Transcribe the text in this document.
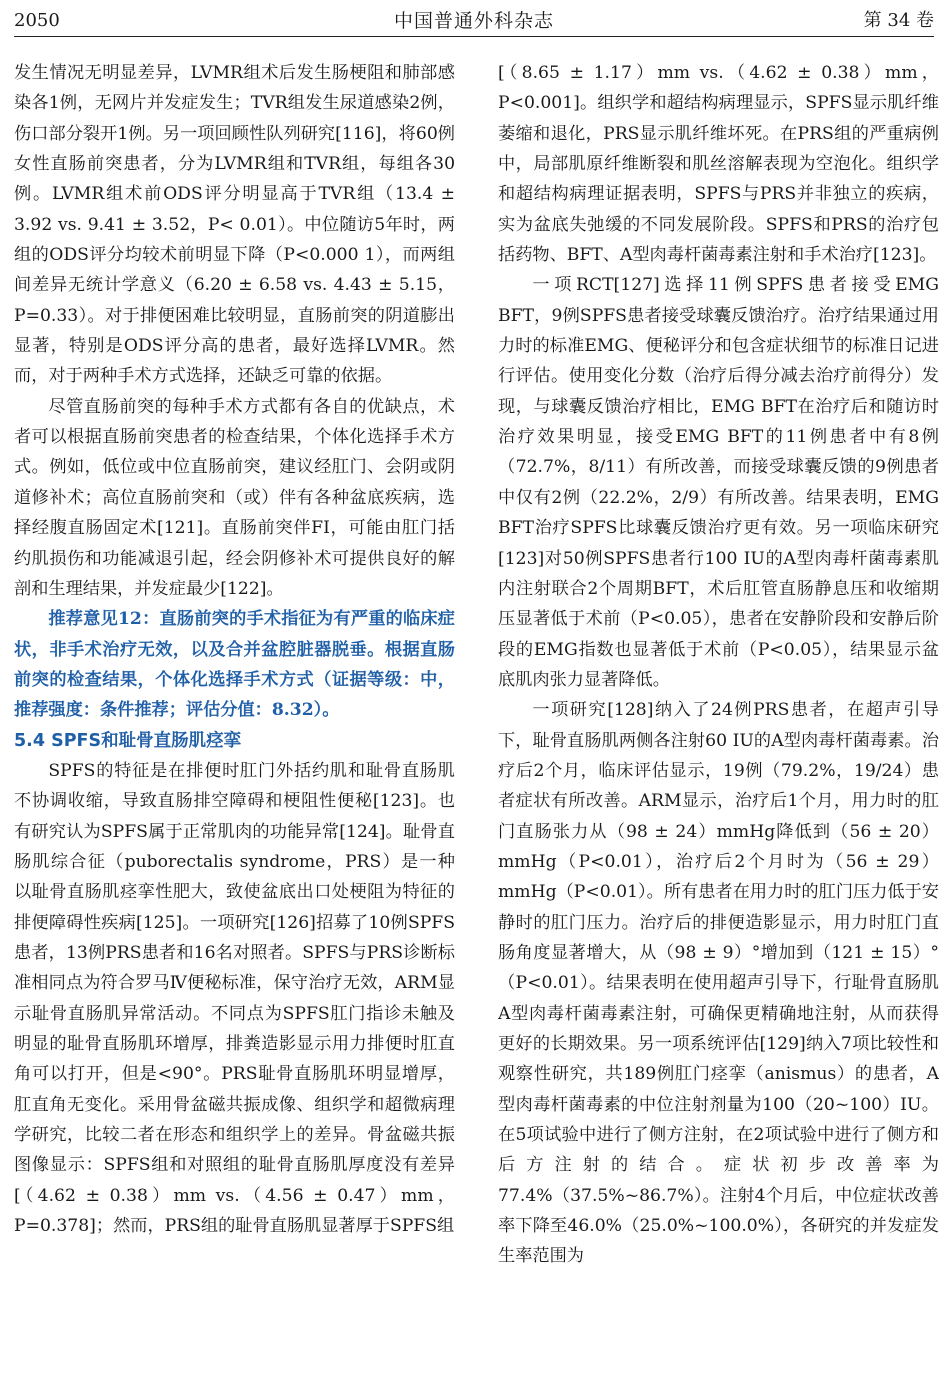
2050	中国普通外科杂志	第 34 卷

发生情况无明显差异，LVMR组术后发生肠梗阻和肺部感染各1例，无网片并发症发生；TVR组发生尿道感染2例，伤口部分裂开1例。另一项回顾性队列研究[116]，将60例女性直肠前突患者，分为LVMR组和TVR组，每组各30例。LVMR组术前ODS评分明显高于TVR组（13.4 ± 3.92 vs. 9.41 ± 3.52，P< 0.01）。中位随访5年时，两组的ODS评分均较术前明显下降（P<0.000 1），而两组间差异无统计学意义（6.20 ± 6.58 vs. 4.43 ± 5.15，P=0.33）。对于排便困难比较明显，直肠前突的阴道膨出显著，特别是ODS评分高的患者，最好选择LVMR。然而，对于两种手术方式选择，还缺乏可靠的依据。

尽管直肠前突的每种手术方式都有各自的优缺点，术者可以根据直肠前突患者的检查结果，个体化选择手术方式。例如，低位或中位直肠前突，建议经肛门、会阴或阴道修补术；高位直肠前突和（或）伴有各种盆底疾病，选择经腹直肠固定术[121]。直肠前突伴FI，可能由肛门括约肌损伤和功能减退引起，经会阴修补术可提供良好的解剖和生理结果，并发症最少[122]。

推荐意见12：直肠前突的手术指征为有严重的临床症状，非手术治疗无效，以及合并盆腔脏器脱垂。根据直肠前突的检查结果，个体化选择手术方式（证据等级：中，推荐强度：条件推荐；评估分值：8.32）。

5.4 SPFS和耻骨直肠肌痉挛

SPFS的特征是在排便时肛门外括约肌和耻骨直肠肌不协调收缩，导致直肠排空障碍和梗阻性便秘[123]。也有研究认为SPFS属于正常肌肉的功能异常[124]。耻骨直肠肌综合征（puborectalis syndrome，PRS）是一种以耻骨直肠肌痉挛性肥大，致使盆底出口处梗阻为特征的排便障碍性疾病[125]。一项研究[126]招募了10例SPFS患者，13例PRS患者和16名对照者。SPFS与PRS诊断标准相同点为符合罗马Ⅳ便秘标准，保守治疗无效，ARM显示耻骨直肠肌异常活动。不同点为SPFS肛门指诊未触及明显的耻骨直肠肌环增厚，排粪造影显示用力排便时肛直角可以打开，但是<90°。PRS耻骨直肠肌环明显增厚，肛直角无变化。采用骨盆磁共振成像、组织学和超微病理学研究，比较二者在形态和组织学上的差异。骨盆磁共振图像显示：SPFS组和对照组的耻骨直肠肌厚度没有差异[（4.62 ± 0.38）mm vs.（4.56 ± 0.47）mm，P=0.378]；然而，PRS组的耻骨直肠肌显著厚于SPFS组

[（8.65 ± 1.17）mm vs.（4.62 ± 0.38）mm，P<0.001]。组织学和超结构病理显示，SPFS显示肌纤维萎缩和退化，PRS显示肌纤维坏死。在PRS组的严重病例中，局部肌原纤维断裂和肌丝溶解表现为空泡化。组织学和超结构病理证据表明，SPFS与PRS并非独立的疾病，实为盆底失弛缓的不同发展阶段。SPFS和PRS的治疗包括药物、BFT、A型肉毒杆菌毒素注射和手术治疗[123]。

一项RCT[127]选择11例SPFS患者接受EMG BFT，9例SPFS患者接受球囊反馈治疗。治疗结果通过用力时的标准EMG、便秘评分和包含症状细节的标准日记进行评估。使用变化分数（治疗后得分减去治疗前得分）发现，与球囊反馈治疗相比，EMG BFT在治疗后和随访时治疗效果明显，接受EMG BFT的11例患者中有8例（72.7%，8/11）有所改善，而接受球囊反馈的9例患者中仅有2例（22.2%，2/9）有所改善。结果表明，EMG BFT治疗SPFS比球囊反馈治疗更有效。另一项临床研究[123]对50例SPFS患者行100 IU的A型肉毒杆菌毒素肌内注射联合2个周期BFT，术后肛管直肠静息压和收缩期压显著低于术前（P<0.05），患者在安静阶段和安静后阶段的EMG指数也显著低于术前（P<0.05），结果显示盆底肌肉张力显著降低。

一项研究[128]纳入了24例PRS患者，在超声引导下，耻骨直肠肌两侧各注射60 IU的A型肉毒杆菌毒素。治疗后2个月，临床评估显示，19例（79.2%，19/24）患者症状有所改善。ARM显示，治疗后1个月，用力时的肛门直肠张力从（98 ± 24）mmHg降低到（56 ± 20）mmHg（P<0.01），治疗后2个月时为（56 ± 29）mmHg（P<0.01）。所有患者在用力时的肛门压力低于安静时的肛门压力。治疗后的排便造影显示，用力时肛门直肠角度显著增大，从（98 ± 9）°增加到（121 ± 15）°（P<0.01）。结果表明在使用超声引导下，行耻骨直肠肌A型肉毒杆菌毒素注射，可确保更精确地注射，从而获得更好的长期效果。另一项系统评估[129]纳入7项比较性和观察性研究，共189例肛门痉挛（anismus）的患者，A型肉毒杆菌毒素的中位注射剂量为100（20~100）IU。在5项试验中进行了侧方注射，在2项试验中进行了侧方和后方注射的结合。症状初步改善率为77.4%（37.5%~86.7%）。注射4个月后，中位症状改善率下降至46.0%（25.0%~100.0%），各研究的并发症发生率范围为
